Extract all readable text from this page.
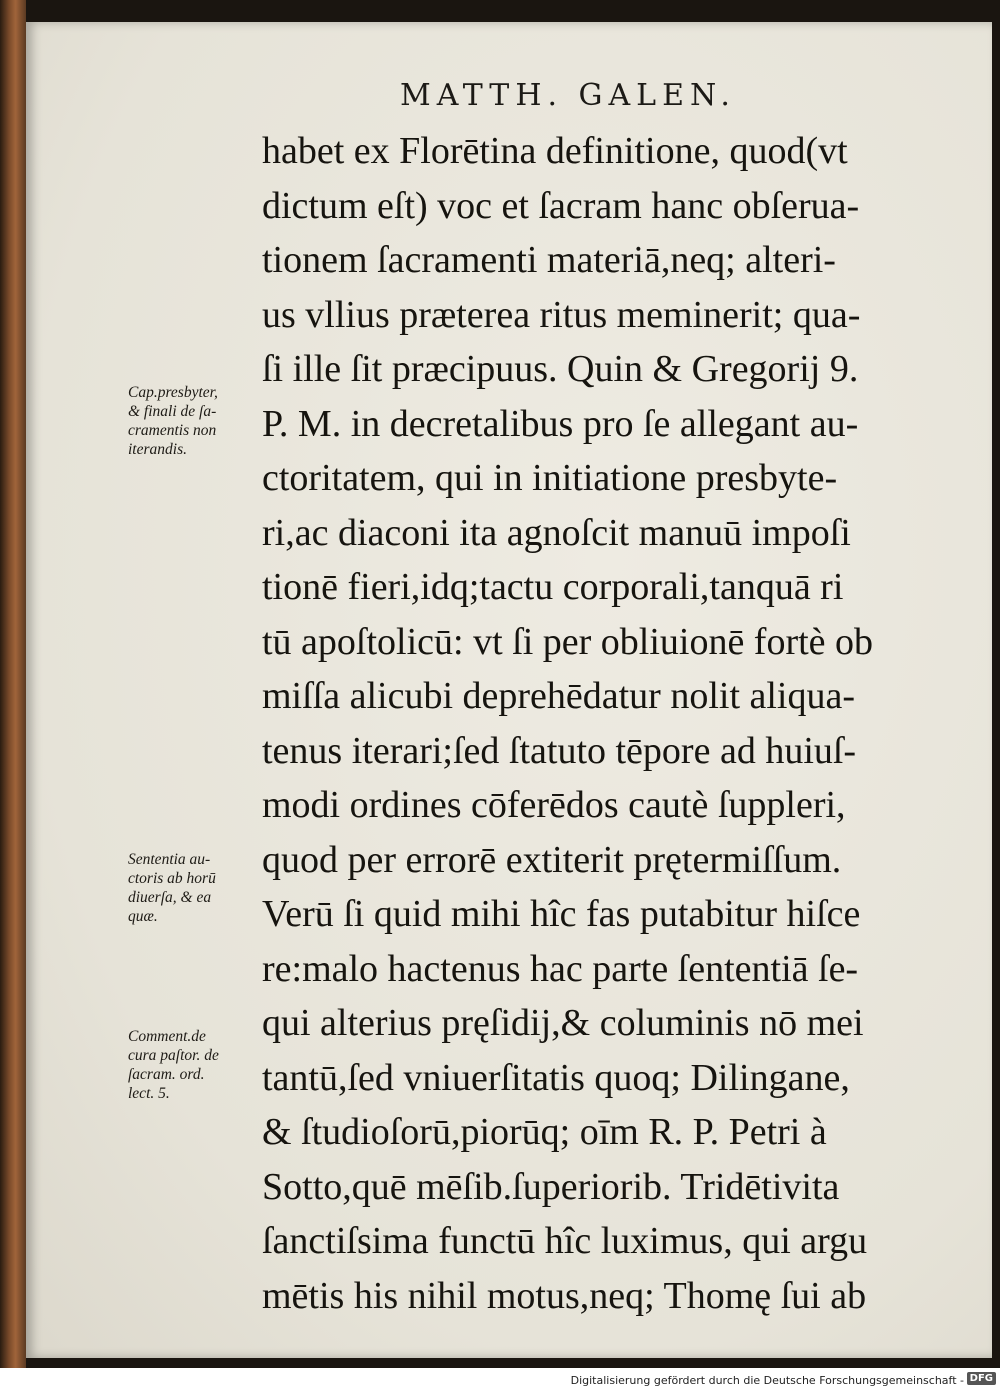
MATTH. GALEN.
habet ex Florētina definitione, quod(vt
dictum eſt) voc et ſacram hanc obſerua-
tionem ſacramenti materiā,neq; alteri-
us vllius præterea ritus meminerit; qua-
ſi ille ſit præcipuus. Quin & Gregorij 9.
P. M. in decretalibus pro ſe allegant au-
ctoritatem, qui in initiatione presbyte-
ri,ac diaconi ita agnoſcit manuū impoſi
tionē fieri,idq;tactu corporali,tanquā ri
tū apoſtolicū: vt ſi per obliuionē fortè ob
miſſa alicubi deprehēdatur nolit aliqua-
tenus iterari;ſed ſtatuto tēpore ad huiuſ-
modi ordines cōferēdos cautè ſuppleri,
quod per errorē extiterit prętermiſſum.
Verū ſi quid mihi hîc fas putabitur hiſce
re:malo hactenus hac parte ſententiā ſe-
qui alterius pręſidij,& columinis nō mei
tantū,ſed vniuerſitatis quoq; Dilingane,
& ſtudioſorū,piorūq; oīm R. P. Petri à
Sotto,quē mēſib.ſuperiorib. Tridētivita
ſanctiſsima functū hîc luximus, qui argu
mētis his nihil motus,neq; Thomę ſui ab
Cap.presbyter,
& finali de ſa-
cramentis non
iterandis.
Sententia au-
ctoris ab horū
diuerſa, & ea
quæ.
Comment.de
cura paſtor. de
ſacram. ord.
lect. 5.
Digitalisierung gefördert durch die Deutsche Forschungsgemeinschaft - DFG
